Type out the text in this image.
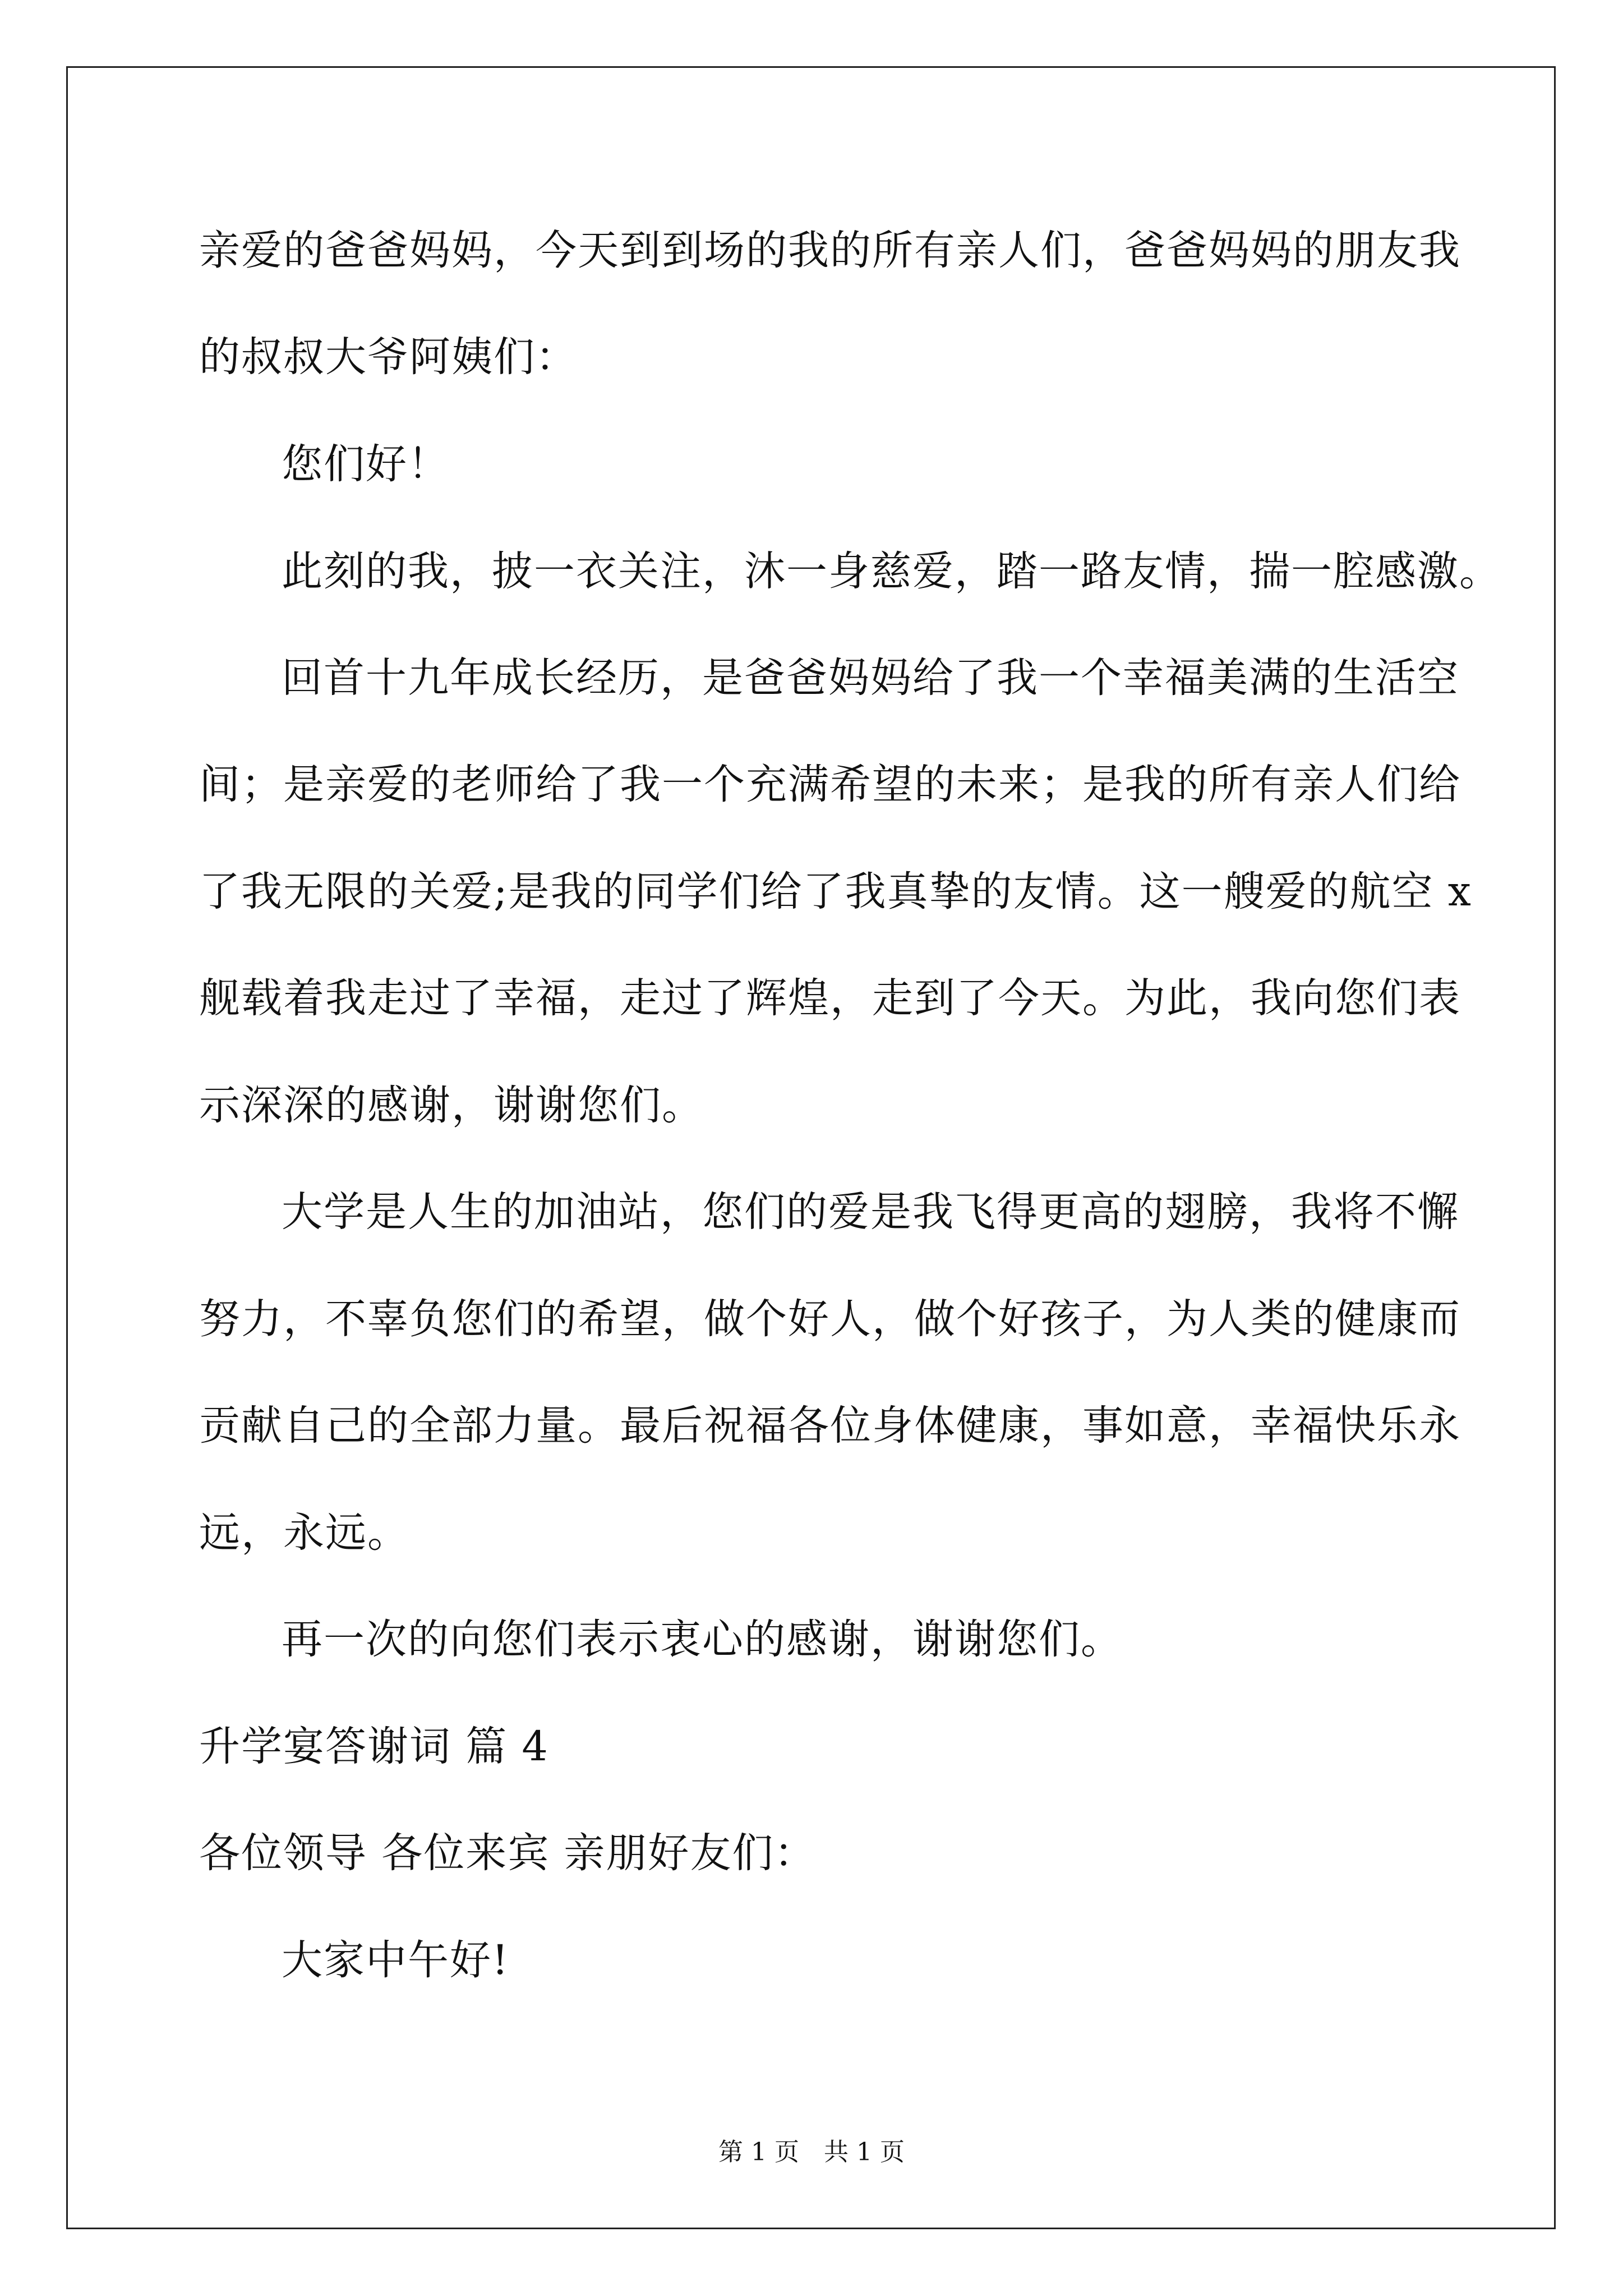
亲爱的爸爸妈妈，今天到到场的我的所有亲人们，爸爸妈妈的朋友我
的叔叔大爷阿姨们：
您们好！
此刻的我，披一衣关注，沐一身慈爱，踏一路友情，揣一腔感激。
回首十九年成长经历，是爸爸妈妈给了我一个幸福美满的生活空
间；是亲爱的老师给了我一个充满希望的未来；是我的所有亲人们给
了我无限的关爱;是我的同学们给了我真挚的友情。这一艘爱的航空 x
舰载着我走过了幸福，走过了辉煌，走到了今天。为此，我向您们表
示深深的感谢，谢谢您们。
大学是人生的加油站，您们的爱是我飞得更高的翅膀，我将不懈
努力，不辜负您们的希望，做个好人，做个好孩子，为人类的健康而
贡献自己的全部力量。最后祝福各位身体健康，事如意，幸福快乐永
远，永远。
再一次的向您们表示衷心的感谢，谢谢您们。
升学宴答谢词 篇 4
各位领导 各位来宾 亲朋好友们：
大家中午好!
第 1 页　共 1 页
